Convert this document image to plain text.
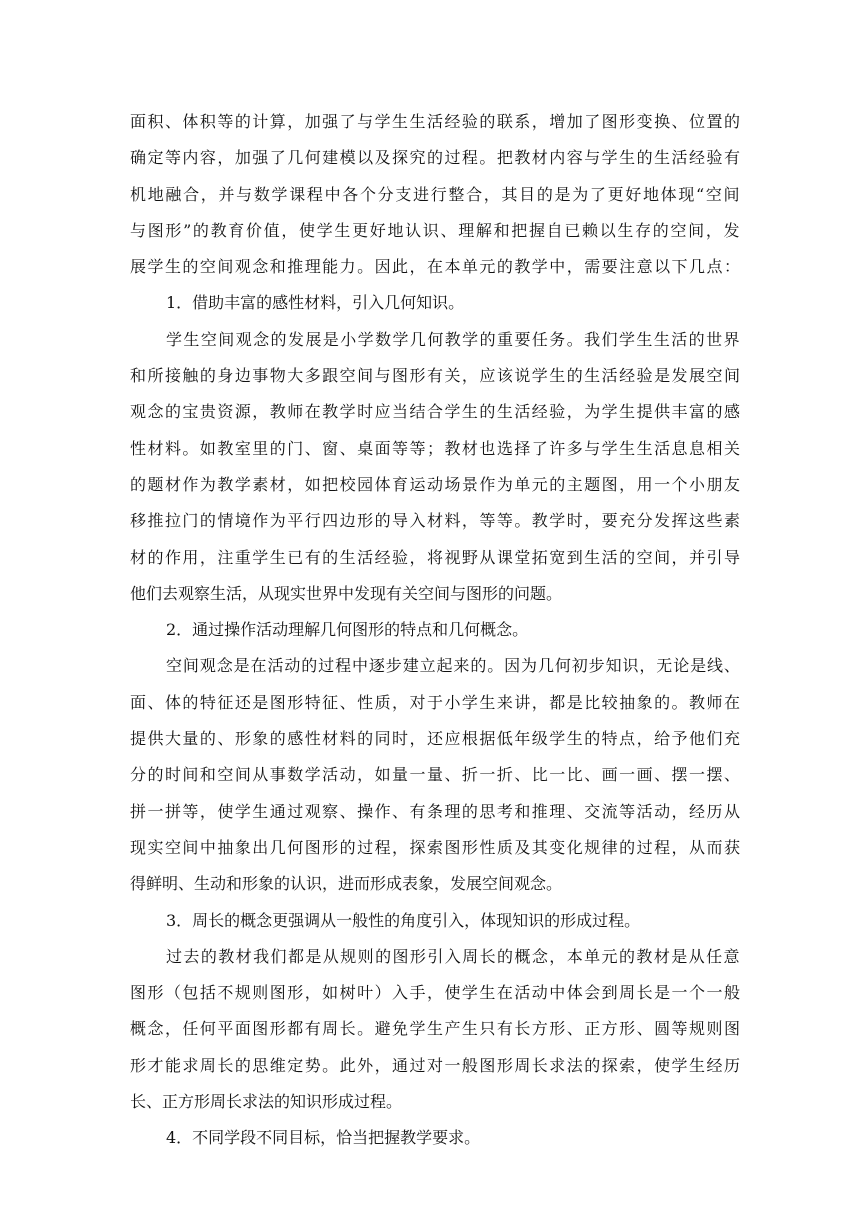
面 积 、 体 积 等 的 计 算 ， 加 强 了 与 学 生 生 活 经 验 的 联 系 ， 增 加 了 图 形 变 换 、 位 置 的
确 定 等 内 容 ， 加 强 了 几 何 建 模 以 及 探 究 的 过 程 。 把 教 材 内 容 与 学 生 的 生 活 经 验 有
机 地 融 合 ， 并 与 数 学 课 程 中 各 个 分 支 进 行 整 合 ， 其 目 的 是 为 了 更 好 地 体 现 “ 空 间
与 图 形 ” 的 教 育 价 值 ， 使 学 生 更 好 地 认 识 、 理 解 和 把 握 自 已 赖 以 生 存 的 空 间 ， 发
展 学 生 的 空 间 观 念 和 推 理 能 力 。 因 此 ， 在 本 单 元 的 教 学 中 ， 需 要 注 意 以 下 几 点 ：
1．借助丰富的感性材料，引入几何知识。
学 生 空 间 观 念 的 发 展 是 小 学 数 学 几 何 教 学 的 重 要 任 务 。 我 们 学 生 生 活 的 世 界
和 所 接 触 的 身 边 事 物 大 多 跟 空 间 与 图 形 有 关 ， 应 该 说 学 生 的 生 活 经 验 是 发 展 空 间
观 念 的 宝 贵 资 源 ， 教 师 在 教 学 时 应 当 结 合 学 生 的 生 活 经 验 ， 为 学 生 提 供 丰 富 的 感
性 材 料 。 如 教 室 里 的 门 、 窗 、 桌 面 等 等 ； 教 材 也 选 择 了 许 多 与 学 生 生 活 息 息 相 关
的 题 材 作 为 教 学 素 材 ， 如 把 校 园 体 育 运 动 场 景 作 为 单 元 的 主 题 图 ， 用 一 个 小 朋 友
移 推 拉 门 的 情 境 作 为 平 行 四 边 形 的 导 入 材 料 ， 等 等 。 教 学 时 ， 要 充 分 发 挥 这 些 素
材 的 作 用 ， 注 重 学 生 已 有 的 生 活 经 验 ， 将 视 野 从 课 堂 拓 宽 到 生 活 的 空 间 ， 并 引 导
他们去观察生活，从现实世界中发现有关空间与图形的问题。
2．通过操作活动理解几何图形的特点和几何概念。
空 间 观 念 是 在 活 动 的 过 程 中 逐 步 建 立 起 来 的 。 因 为 几 何 初 步 知 识 ， 无 论 是 线 、
面 、 体 的 特 征 还 是 图 形 特 征 、 性 质 ， 对 于 小 学 生 来 讲 ， 都 是 比 较 抽 象 的 。 教 师 在
提 供 大 量 的 、 形 象 的 感 性 材 料 的 同 时 ， 还 应 根 据 低 年 级 学 生 的 特 点 ， 给 予 他 们 充
分 的 时 间 和 空 间 从 事 数 学 活 动 ， 如 量 一 量 、 折 一 折 、 比 一 比 、 画 一 画 、 摆 一 摆 、
拼 一 拼 等 ， 使 学 生 通 过 观 察 、 操 作 、 有 条 理 的 思 考 和 推 理 、 交 流 等 活 动 ， 经 历 从
现 实 空 间 中 抽 象 出 几 何 图 形 的 过 程 ， 探 索 图 形 性 质 及 其 变 化 规 律 的 过 程 ， 从 而 获
得鲜明、生动和形象的认识，进而形成表象，发展空间观念。
3．周长的概念更强调从一般性的角度引入，体现知识的形成过程。
过 去 的 教 材 我 们 都 是 从 规 则 的 图 形 引 入 周 长 的 概 念 ， 本 单 元 的 教 材 是 从 任 意
图 形 （ 包 括 不 规 则 图 形 ， 如 树 叶 ） 入 手 ， 使 学 生 在 活 动 中 体 会 到 周 长 是 一 个 一 般
概 念 ， 任 何 平 面 图 形 都 有 周 长 。 避 免 学 生 产 生 只 有 长 方 形 、 正 方 形 、 圆 等 规 则 图
形 才 能 求 周 长 的 思 维 定 势 。 此 外 ， 通 过 对 一 般 图 形 周 长 求 法 的 探 索 ， 使 学 生 经 历
长、正方形周长求法的知识形成过程。
4．不同学段不同目标，恰当把握教学要求。
